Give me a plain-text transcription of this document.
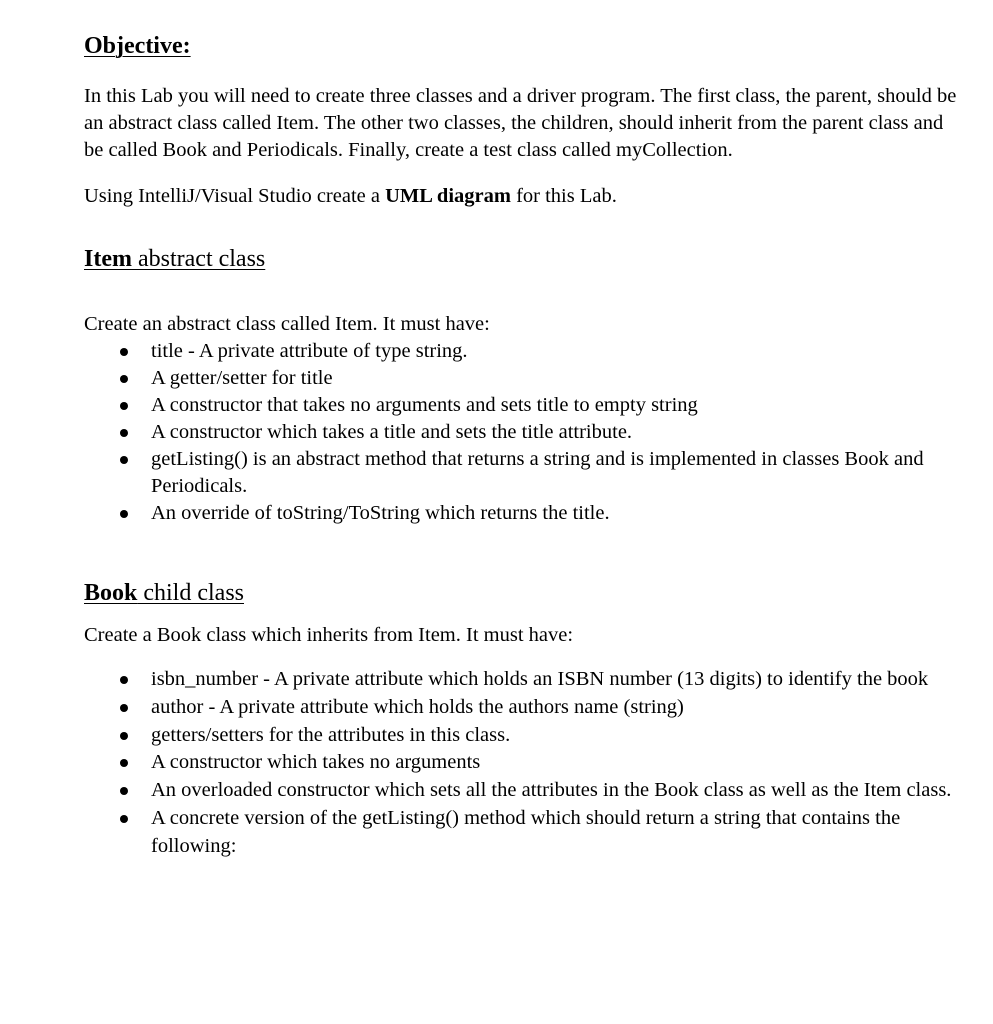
Objective:

In this Lab you will need to create three classes and a driver program. The first class, the parent, should be an abstract class called Item. The other two classes, the children, should inherit from the parent class and be called Book and Periodicals. Finally, create a test class called myCollection.

Using IntelliJ/Visual Studio create a UML diagram for this Lab.

Item abstract class

Create an abstract class called Item. It must have:

title - A private attribute of type string.
A getter/setter for title
A constructor that takes no arguments and sets title to empty string
A constructor which takes a title and sets the title attribute.
getListing() is an abstract method that returns a string and is implemented in classes Book and Periodicals.
An override of toString/ToString which returns the title.
Book child class

Create a Book class which inherits from Item. It must have:

isbn_number - A private attribute which holds an ISBN number (13 digits) to identify the book
author - A private attribute which holds the authors name (string)
getters/setters for the attributes in this class.
A constructor which takes no arguments
An overloaded constructor which sets all the attributes in the Book class as well as the Item class.
A concrete version of the getListing() method which should return a string that contains the following:
